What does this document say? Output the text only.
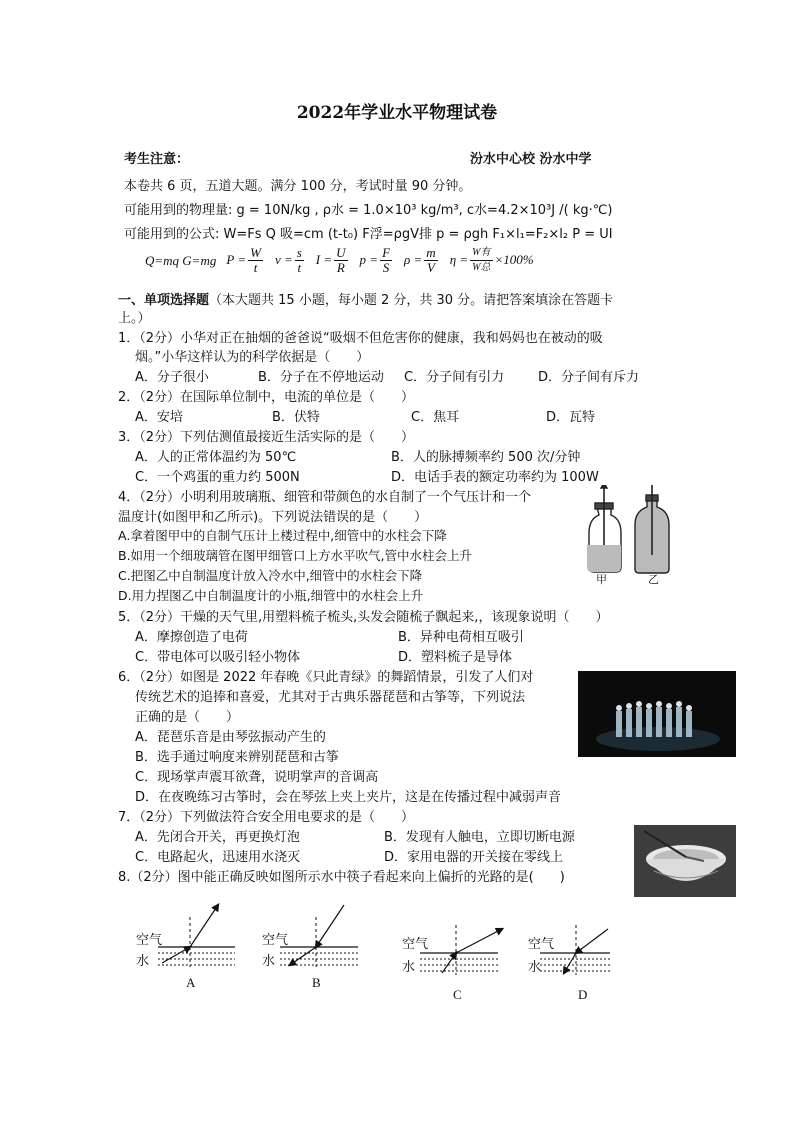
2022年学业水平物理试卷
考生注意：	汾水中心校 汾水中学
本卷共 6 页，五道大题。满分 100 分，考试时量 90 分钟。
可能用到的物理量: g = 10N/kg , ρ水 = 1.0×10³ kg/m³, c水=4.2×10³J /( kg·℃)
可能用到的公式: W=Fs Q 吸=cm (t-t₀) F浮=ρgV排 p = ρgh F₁×l₁=F₂×l₂ P = UI
Q=mq G=mg $P = \frac{W}{t}$ $v = \frac{s}{t}$ $I = \frac{U}{R}$ $p = \frac{F}{S}$ $\rho = \frac{m}{V}$ $\eta = \frac{\text{W有}}{\text{W总}} \times 100\%$
一、单项选择题（本大题共 15 小题，每小题 2 分，共 30 分。请把答案填涂在答题卡
上。）
1．（2分）小华对正在抽烟的爸爸说“吸烟不但危害你的健康，我和妈妈也在被动的吸
烟。”小华这样认为的科学依据是（　　）
A．分子很小	B．分子在不停地运动 C．分子间有引力	D．分子间有斥力
2．（2分）在国际单位制中，电流的单位是（　　）
A．安培	B．伏特	C．焦耳	D．瓦特
3．（2分）下列估测值最接近生活实际的是（　　）
A．人的正常体温约为 50℃	B．人的脉搏频率约 500 次/分钟
C．一个鸡蛋的重力约 500N	D．电话手表的额定功率约为 100W
4．（2分）小明利用玻璃瓶、细管和带颜色的水自制了一个气压计和一个
温度计(如图甲和乙所示)。下列说法错误的是（　　）
A.拿着图甲中的自制气压计上楼过程中,细管中的水柱会下降
B.如用一个细玻璃管在图甲细管口上方水平吹气,管中水柱会上升
C.把图乙中自制温度计放入冷水中,细管中的水柱会下降
D.用力捏图乙中自制温度计的小瓶,细管中的水柱会上升
甲	乙
5．（2分）干燥的天气里,用塑料梳子梳头,头发会随梳子飘起来,，该现象说明（　　）
A．摩擦创造了电荷	B．异种电荷相互吸引
C．带电体可以吸引轻小物体	D．塑料梳子是导体
6．（2分）如图是 2022 年春晚《只此青绿》的舞蹈情景，引发了人们对
传统艺术的追捧和喜爱，尤其对于古典乐器琵琶和古筝等，下列说法
正确的是（　　）
A．琵琶乐音是由琴弦振动产生的
B．选手通过响度来辨别琵琶和古筝
C．现场掌声震耳欲聋，说明掌声的音调高
D．在夜晚练习古筝时，会在琴弦上夹上夹片，这是在传播过程中减弱声音
7．（2分）下列做法符合安全用电要求的是（　　）
A．先闭合开关，再更换灯泡	B．发现有人触电，立即切断电源
C．电路起火，迅速用水浇灭	D．家用电器的开关接在零线上
8.（2分）图中能正确反映如图所示水中筷子看起来向上偏折的光路的是(　　)
空气
水
空气
水
空气
水
空气
水
A	B
C	D
